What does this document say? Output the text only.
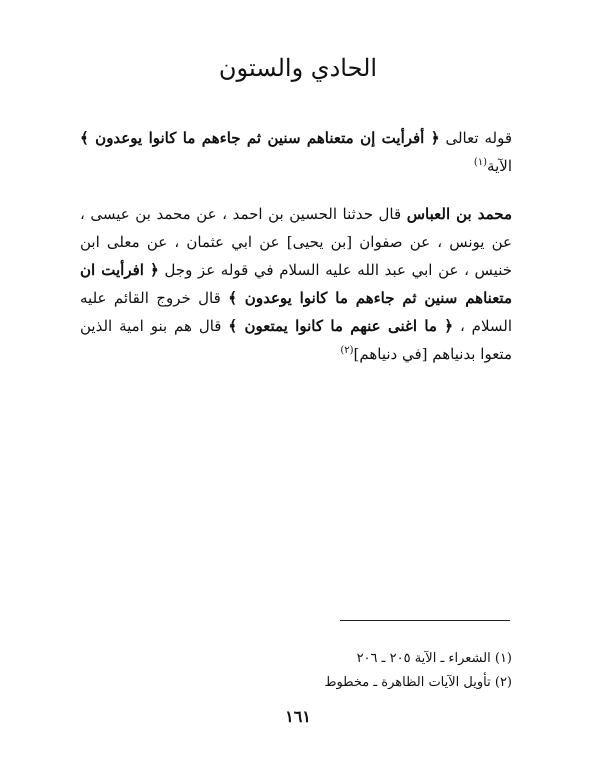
الحادي والستون
قوله تعالى ﴿ أفرأيت إن متعناهم سنين ثم جاءهم ما كانوا يوعدون ﴾ الآية$^{(١)}$
محمد بن العباس قال حدثنا الحسين بن احمد ، عن محمد بن عيسى ، عن يونس ، عن صفوان [بن يحيى] عن ابي عثمان ، عن معلى ابن خنيس ، عن ابي عبد الله عليه السلام في قوله عز وجل ﴿ افرأيت ان متعناهم سنين ثم جاءهم ما كانوا يوعدون ﴾ قال خروج القائم عليه السلام ، ﴿ ما اغنى عنهم ما كانوا يمتعون ﴾ قال هم بنو امية الذين متعوا بدنياهم [في دنياهم]$^{(٢)}$
(١) الشعراء ـ الآية ٢٠٥ ـ ٢٠٦
(٢) تأويل الآيات الظاهرة ـ مخطوط
١٦١
